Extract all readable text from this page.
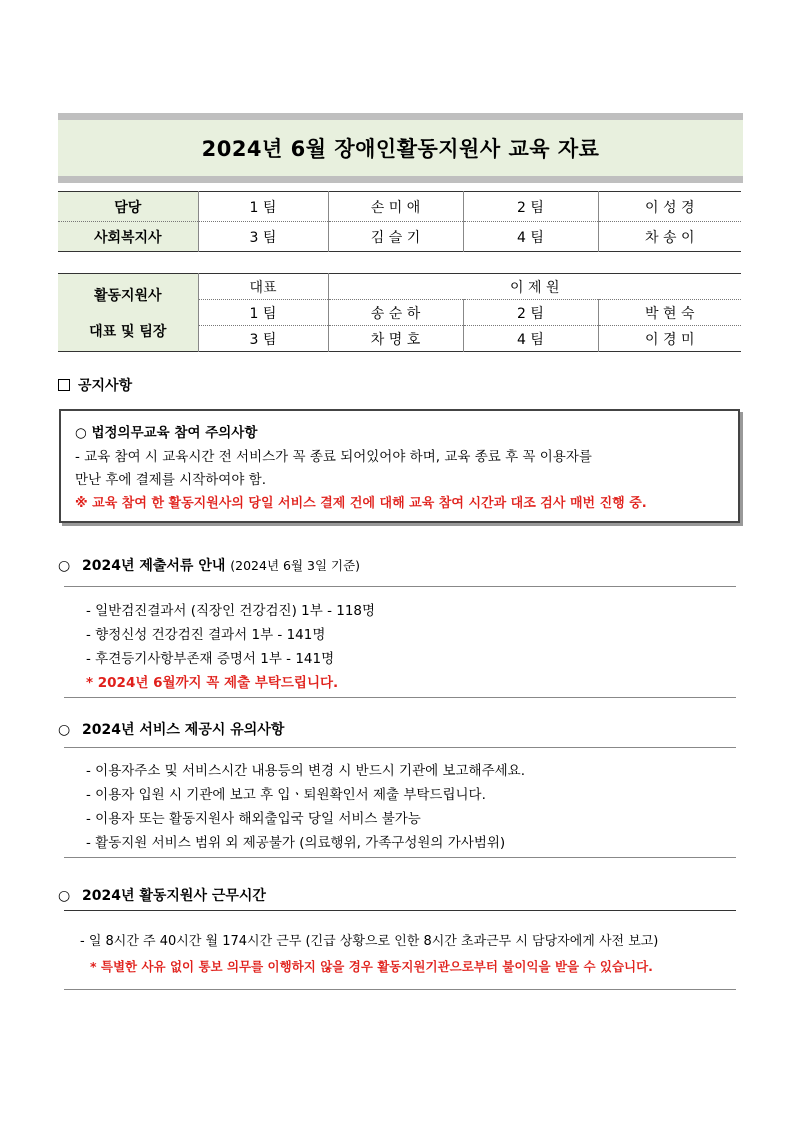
2024년 6월 장애인활동지원사 교육 자료
담당	1 팀	손 미 애	2 팀	이 성 경
사회복지사	3 팀	김 슬 기	4 팀	차 송 이
활동지원사
대표 및 팀장	대표	이 제 원		
	1 팀	송 순 하	2 팀	박 현 숙
	3 팀	차 명 호	4 팀	이 경 미
공지사항
○ 법정의무교육 참여 주의사항
- 교육 참여 시 교육시간 전 서비스가 꼭 종료 되어있어야 하며, 교육 종료 후 꼭 이용자를
만난 후에 결제를 시작하여야 함.
※ 교육 참여 한 활동지원사의 당일 서비스 결제 건에 대해 교육 참여 시간과 대조 검사 매번 진행 중.
○ 2024년 제출서류 안내 (2024년 6월 3일 기준)
- 일반검진결과서 (직장인 건강검진) 1부 - 118명
- 향정신성 건강검진 결과서 1부 - 141명
- 후견등기사항부존재 증명서 1부 - 141명
* 2024년 6월까지 꼭 제출 부탁드립니다.
○ 2024년 서비스 제공시 유의사항
- 이용자주소 및 서비스시간 내용등의 변경 시 반드시 기관에 보고해주세요.
- 이용자 입원 시 기관에 보고 후 입ㆍ퇴원확인서 제출 부탁드립니다.
- 이용자 또는 활동지원사 해외출입국 당일 서비스 불가능
- 활동지원 서비스 범위 외 제공불가 (의료행위, 가족구성원의 가사범위)
○ 2024년 활동지원사 근무시간
- 일 8시간 주 40시간 월 174시간 근무 (긴급 상황으로 인한 8시간 초과근무 시 담당자에게 사전 보고)
* 특별한 사유 없이 통보 의무를 이행하지 않을 경우 활동지원기관으로부터 불이익을 받을 수 있습니다.
